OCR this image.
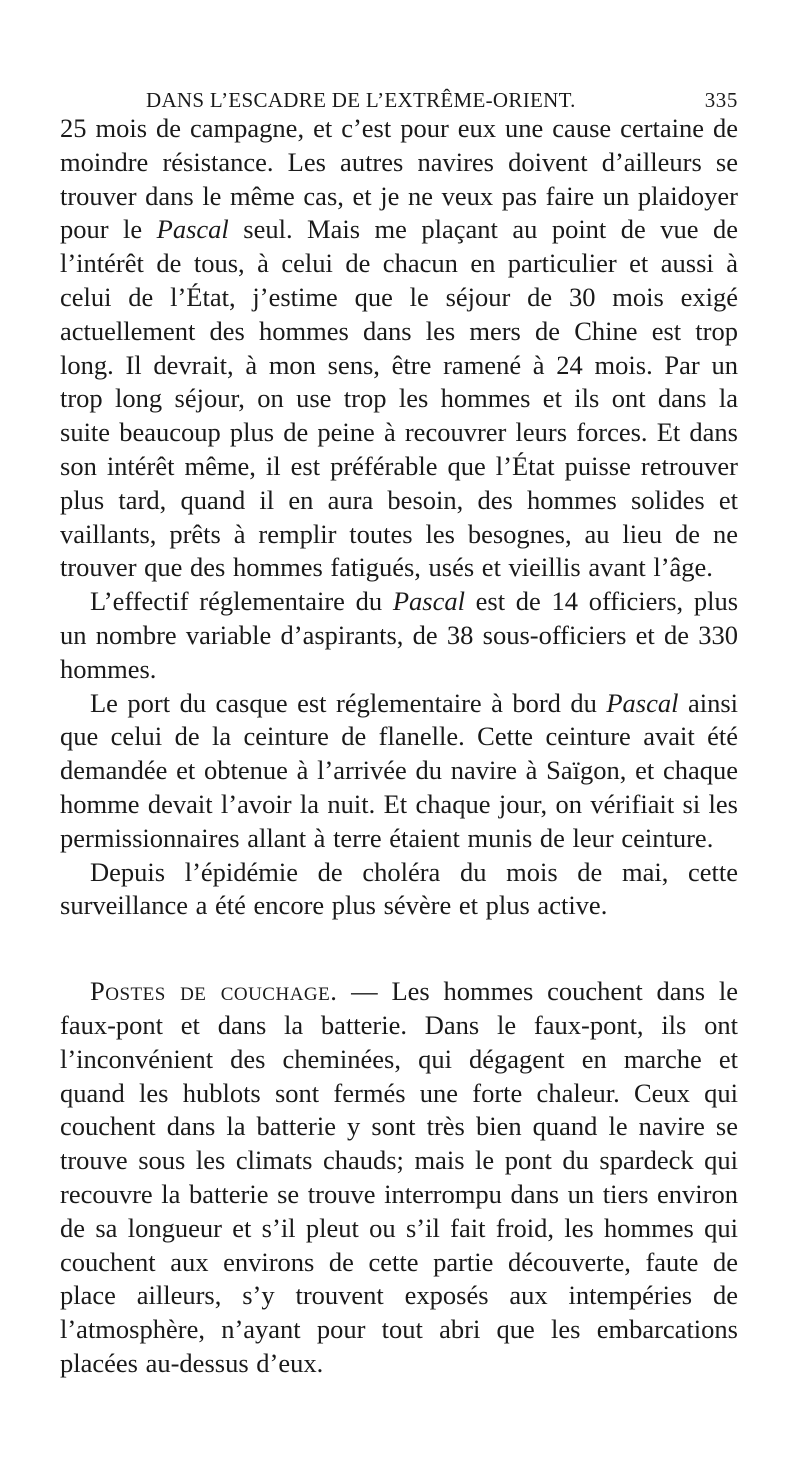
DANS L’ESCADRE DE L’EXTRÊME-ORIENT.	335

25 mois de campagne, et c’est pour eux une cause certaine de moindre résistance. Les autres navires doivent d’ailleurs se trouver dans le même cas, et je ne veux pas faire un plaidoyer pour le Pascal seul. Mais me plaçant au point de vue de l’intérêt de tous, à celui de chacun en particulier et aussi à celui de l’État, j’estime que le séjour de 30 mois exigé actuellement des hommes dans les mers de Chine est trop long. Il devrait, à mon sens, être ramené à 24 mois. Par un trop long séjour, on use trop les hommes et ils ont dans la suite beaucoup plus de peine à recouvrer leurs forces. Et dans son intérêt même, il est préférable que l’État puisse retrouver plus tard, quand il en aura besoin, des hommes solides et vaillants, prêts à remplir toutes les besognes, au lieu de ne trouver que des hommes fatigués, usés et vieillis avant l’âge.

L’effectif réglementaire du Pascal est de 14 officiers, plus un nombre variable d’aspirants, de 38 sous-officiers et de 330 hommes.

Le port du casque est réglementaire à bord du Pascal ainsi que celui de la ceinture de flanelle. Cette ceinture avait été demandée et obtenue à l’arrivée du navire à Saïgon, et chaque homme devait l’avoir la nuit. Et chaque jour, on vérifiait si les permissionnaires allant à terre étaient munis de leur ceinture.

Depuis l’épidémie de choléra du mois de mai, cette surveillance a été encore plus sévère et plus active.

Postes de couchage. — Les hommes couchent dans le faux-pont et dans la batterie. Dans le faux-pont, ils ont l’inconvénient des cheminées, qui dégagent en marche et quand les hublots sont fermés une forte chaleur. Ceux qui couchent dans la batterie y sont très bien quand le navire se trouve sous les climats chauds; mais le pont du spardeck qui recouvre la batterie se trouve interrompu dans un tiers environ de sa longueur et s’il pleut ou s’il fait froid, les hommes qui couchent aux environs de cette partie découverte, faute de place ailleurs, s’y trouvent exposés aux intempéries de l’atmosphère, n’ayant pour tout abri que les embarcations placées au-dessus d’eux.
